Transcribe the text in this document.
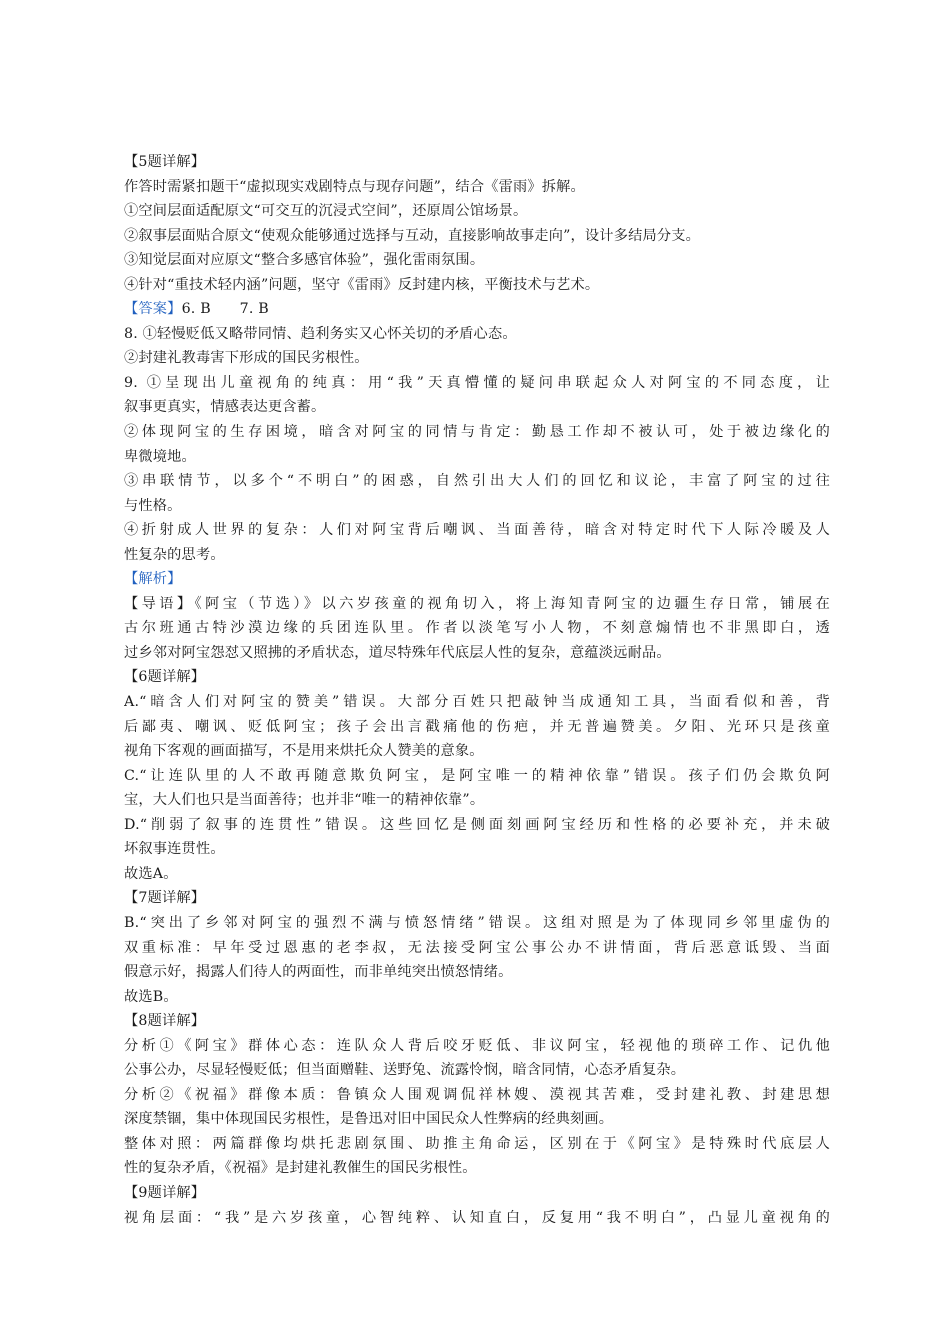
【5题详解】
作答时需紧扣题干“虚拟现实戏剧特点与现存问题”，结合《雷雨》拆解。
①空间层面适配原文“可交互的沉浸式空间”，还原周公馆场景。
②叙事层面贴合原文“使观众能够通过选择与互动，直接影响故事走向”，设计多结局分支。
③知觉层面对应原文“整合多感官体验”，强化雷雨氛围。
④针对“重技术轻内涵”问题，坚守《雷雨》反封建内核，平衡技术与艺术。
【答案】6. B　　7. B
8. ①轻慢贬低又略带同情、趋利务实又心怀关切的矛盾心态。
②封建礼教毒害下形成的国民劣根性。
9. ①呈现出儿童视角的纯真：用“我”天真懵懂的疑问串联起众人对阿宝的不同态度，让
叙事更真实，情感表达更含蓄。
②体现阿宝的生存困境，暗含对阿宝的同情与肯定：勤恳工作却不被认可，处于被边缘化的
卑微境地。
③串联情节，以多个“不明白”的困惑，自然引出大人们的回忆和议论，丰富了阿宝的过往
与性格。
④折射成人世界的复杂：人们对阿宝背后嘲讽、当面善待，暗含对特定时代下人际冷暖及人
性复杂的思考。
【解析】
【导语】《阿宝（节选）》以六岁孩童的视角切入，将上海知青阿宝的边疆生存日常，铺展在
古尔班通古特沙漠边缘的兵团连队里。作者以淡笔写小人物，不刻意煽情也不非黑即白，透
过乡邻对阿宝怨怼又照拂的矛盾状态，道尽特殊年代底层人性的复杂，意蕴淡远耐品。
【6题详解】
A.“暗含人们对阿宝的赞美”错误。大部分百姓只把敲钟当成通知工具，当面看似和善，背
后鄙夷、嘲讽、贬低阿宝；孩子会出言戳痛他的伤疤，并无普遍赞美。夕阳、光环只是孩童
视角下客观的画面描写，不是用来烘托众人赞美的意象。
C.“让连队里的人不敢再随意欺负阿宝，是阿宝唯一的精神依靠”错误。孩子们仍会欺负阿
宝，大人们也只是当面善待；也并非“唯一的精神依靠”。
D.“削弱了叙事的连贯性”错误。这些回忆是侧面刻画阿宝经历和性格的必要补充，并未破
坏叙事连贯性。
故选A。
【7题详解】
B.“突出了乡邻对阿宝的强烈不满与愤怒情绪”错误。这组对照是为了体现同乡邻里虚伪的
双重标准：早年受过恩惠的老李叔，无法接受阿宝公事公办不讲情面，背后恶意诋毁、当面
假意示好，揭露人们待人的两面性，而非单纯突出愤怒情绪。
故选B。
【8题详解】
分析①《阿宝》群体心态：连队众人背后咬牙贬低、非议阿宝，轻视他的琐碎工作、记仇他
公事公办，尽显轻慢贬低；但当面赠鞋、送野兔、流露怜悯，暗含同情，心态矛盾复杂。
分析②《祝福》群像本质：鲁镇众人围观调侃祥林嫂、漠视其苦难，受封建礼教、封建思想
深度禁锢，集中体现国民劣根性，是鲁迅对旧中国民众人性弊病的经典刻画。
整体对照：两篇群像均烘托悲剧氛围、助推主角命运，区别在于《阿宝》是特殊时代底层人
性的复杂矛盾，《祝福》是封建礼教催生的国民劣根性。
【9题详解】
视角层面：“我”是六岁孩童，心智纯粹、认知直白，反复用“我不明白”，凸显儿童视角的
